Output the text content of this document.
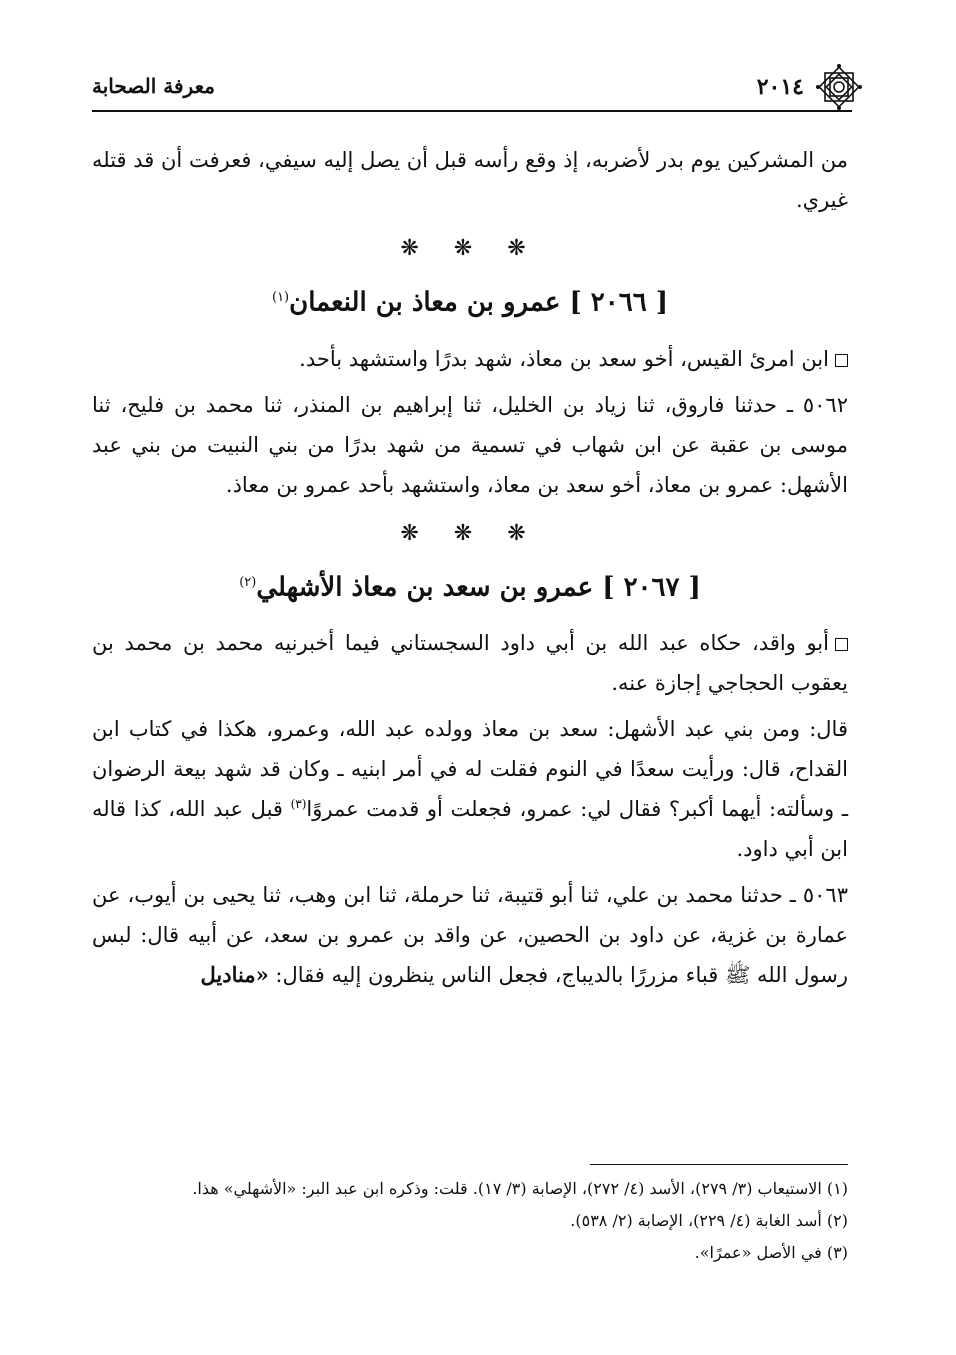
٢٠١٤
معرفة الصحابة

من المشركين يوم بدر لأضربه، إذ وقع رأسه قبل أن يصل إليه سيفي، فعرفت أن قد قتله غيري.

❋ ❋ ❋
[ ٢٠٦٦ ] عمرو بن معاذ بن النعمان$^{(١)}$

ابن امرئ القيس، أخو سعد بن معاذ، شهد بدرًا واستشهد بأحد.

٥٠٦٢ ـ حدثنا فاروق، ثنا زياد بن الخليل، ثنا إبراهيم بن المنذر، ثنا محمد بن فليح، ثنا موسى بن عقبة عن ابن شهاب في تسمية من شهد بدرًا من بني النبيت من بني عبد الأشهل: عمرو بن معاذ، أخو سعد بن معاذ، واستشهد بأحد عمرو بن معاذ.

❋ ❋ ❋
[ ٢٠٦٧ ] عمرو بن سعد بن معاذ الأشهلي$^{(٢)}$

أبو واقد، حكاه عبد الله بن أبي داود السجستاني فيما أخبرنيه محمد بن محمد بن يعقوب الحجاجي إجازة عنه.

قال: ومن بني عبد الأشهل: سعد بن معاذ وولده عبد الله، وعمرو، هكذا في كتاب ابن القداح، قال: ورأيت سعدًا في النوم فقلت له في أمر ابنيه ـ وكان قد شهد بيعة الرضوان ـ وسألته: أيهما أكبر؟ فقال لي: عمرو، فجعلت أو قدمت عمروًا$^{(٣)}$ قبل عبد الله، كذا قاله ابن أبي داود.

٥٠٦٣ ـ حدثنا محمد بن علي، ثنا أبو قتيبة، ثنا حرملة، ثنا ابن وهب، ثنا يحيى بن أيوب، عن عمارة بن غزية، عن داود بن الحصين، عن واقد بن عمرو بن سعد، عن أبيه قال: لبس رسول الله ﷺ قباء مزررًا بالديباج، فجعل الناس ينظرون إليه فقال: «مناديل

(١) الاستيعاب (٣/ ٢٧٩)، الأسد (٤/ ٢٧٢)، الإصابة (٣/ ١٧). قلت: وذكره ابن عبد البر: «الأشهلي» هذا.

(٢) أسد الغابة (٤/ ٢٢٩)، الإصابة (٢/ ٥٣٨).

(٣) في الأصل «عمرًا».
